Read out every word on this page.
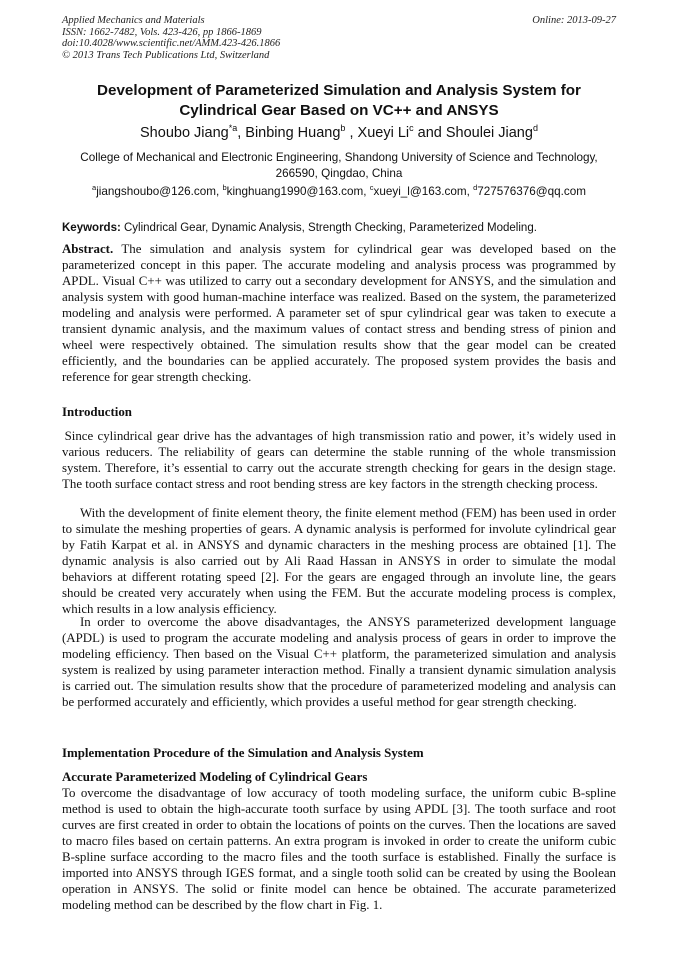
Applied Mechanics and Materials
ISSN: 1662-7482, Vols. 423-426, pp 1866-1869
doi:10.4028/www.scientific.net/AMM.423-426.1866
© 2013 Trans Tech Publications Ltd, Switzerland
Online: 2013-09-27
Development of Parameterized Simulation and Analysis System for
Cylindrical Gear Based on VC++ and ANSYS
Shoubo Jiang$^{*a}$, Binbing Huang$^b$ , Xueyi Li$^c$ and Shoulei Jiang$^d$
College of Mechanical and Electronic Engineering, Shandong University of Science and Technology,
266590, Qingdao, China
$^a$jiangshoubo@126.com, $^b$kinghuang1990@163.com, $^c$xueyi_l@163.com, $^d$727576376@qq.com
Keywords: Cylindrical Gear, Dynamic Analysis, Strength Checking, Parameterized Modeling.
Abstract. The simulation and analysis system for cylindrical gear was developed based on the parameterized concept in this paper. The accurate modeling and analysis process was programmed by APDL. Visual C++ was utilized to carry out a secondary development for ANSYS, and the simulation and analysis system with good human-machine interface was realized. Based on the system, the parameterized modeling and analysis were performed. A parameter set of spur cylindrical gear was taken to execute a transient dynamic analysis, and the maximum values of contact stress and bending stress of pinion and wheel were respectively obtained. The simulation results show that the gear model can be created efficiently, and the boundaries can be applied accurately. The proposed system provides the basis and reference for gear strength checking.
Introduction
 Since cylindrical gear drive has the advantages of high transmission ratio and power, it’s widely used in various reducers. The reliability of gears can determine the stable running of the whole transmission system. Therefore, it’s essential to carry out the accurate strength checking for gears in the design stage. The tooth surface contact stress and root bending stress are key factors in the strength checking process.
With the development of finite element theory, the finite element method (FEM) has been used in order to simulate the meshing properties of gears. A dynamic analysis is performed for involute cylindrical gear by Fatih Karpat et al. in ANSYS and dynamic characters in the meshing process are obtained [1]. The dynamic analysis is also carried out by Ali Raad Hassan in ANSYS in order to simulate the modal behaviors at different rotating speed [2]. For the gears are engaged through an involute line, the gears should be created very accurately when using the FEM. But the accurate modeling process is complex, which results in a low analysis efficiency.
In order to overcome the above disadvantages, the ANSYS parameterized development language (APDL) is used to program the accurate modeling and analysis process of gears in order to improve the modeling efficiency. Then based on the Visual C++ platform, the parameterized simulation and analysis system is realized by using parameter interaction method. Finally a transient dynamic simulation analysis is carried out. The simulation results show that the procedure of parameterized modeling and analysis can be performed accurately and efficiently, which provides a useful method for gear strength checking.
Implementation Procedure of the Simulation and Analysis System
Accurate Parameterized Modeling of Cylindrical Gears
To overcome the disadvantage of low accuracy of tooth modeling surface, the uniform cubic B-spline method is used to obtain the high-accurate tooth surface by using APDL [3]. The tooth surface and root curves are first created in order to obtain the locations of points on the curves. Then the locations are saved to macro files based on certain patterns. An extra program is invoked in order to create the uniform cubic B-spline surface according to the macro files and the tooth surface is established. Finally the surface is imported into ANSYS through IGES format, and a single tooth solid can be created by using the Boolean operation in ANSYS. The solid or finite model can hence be obtained. The accurate parameterized modeling method can be described by the flow chart in Fig. 1.
